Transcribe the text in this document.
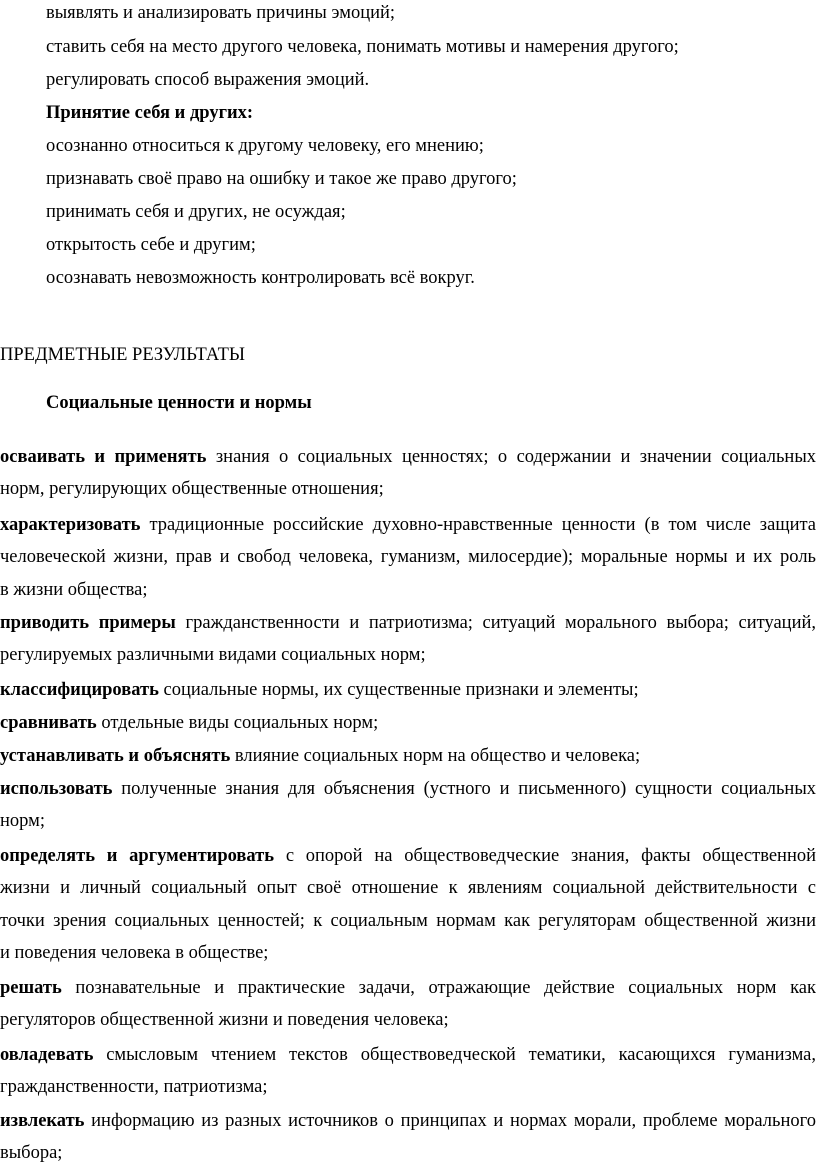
выявлять и анализировать причины эмоций;
ставить себя на место другого человека, понимать мотивы и намерения другого;
регулировать способ выражения эмоций.
Принятие себя и других:
осознанно относиться к другому человеку, его мнению;
признавать своё право на ошибку и такое же право другого;
принимать себя и других, не осуждая;
открытость себе и другим;
осознавать невозможность контролировать всё вокруг.
ПРЕДМЕТНЫЕ РЕЗУЛЬТАТЫ
Социальные ценности и нормы
осваивать и применять знания о социальных ценностях; о содержании и значении социальных
норм, регулирующих общественные отношения;
характеризовать традиционные российские духовно-нравственные ценности (в том числе защита
человеческой жизни, прав и свобод человека, гуманизм, милосердие); моральные нормы и их роль
в жизни общества;
приводить примеры гражданственности и патриотизма; ситуаций морального выбора; ситуаций,
регулируемых различными видами социальных норм;
классифицировать социальные нормы, их существенные признаки и элементы;
сравнивать отдельные виды социальных норм;
устанавливать и объяснять влияние социальных норм на общество и человека;
использовать полученные знания для объяснения (устного и письменного) сущности социальных
норм;
определять и аргументировать с опорой на обществоведческие знания, факты общественной
жизни и личный социальный опыт своё отношение к явлениям социальной действительности с
точки зрения социальных ценностей; к социальным нормам как регуляторам общественной жизни
и поведения человека в обществе;
решать познавательные и практические задачи, отражающие действие социальных норм как
регуляторов общественной жизни и поведения человека;
овладевать смысловым чтением текстов обществоведческой тематики, касающихся гуманизма,
гражданственности, патриотизма;
извлекать информацию из разных источников о принципах и нормах морали, проблеме морального
выбора;
